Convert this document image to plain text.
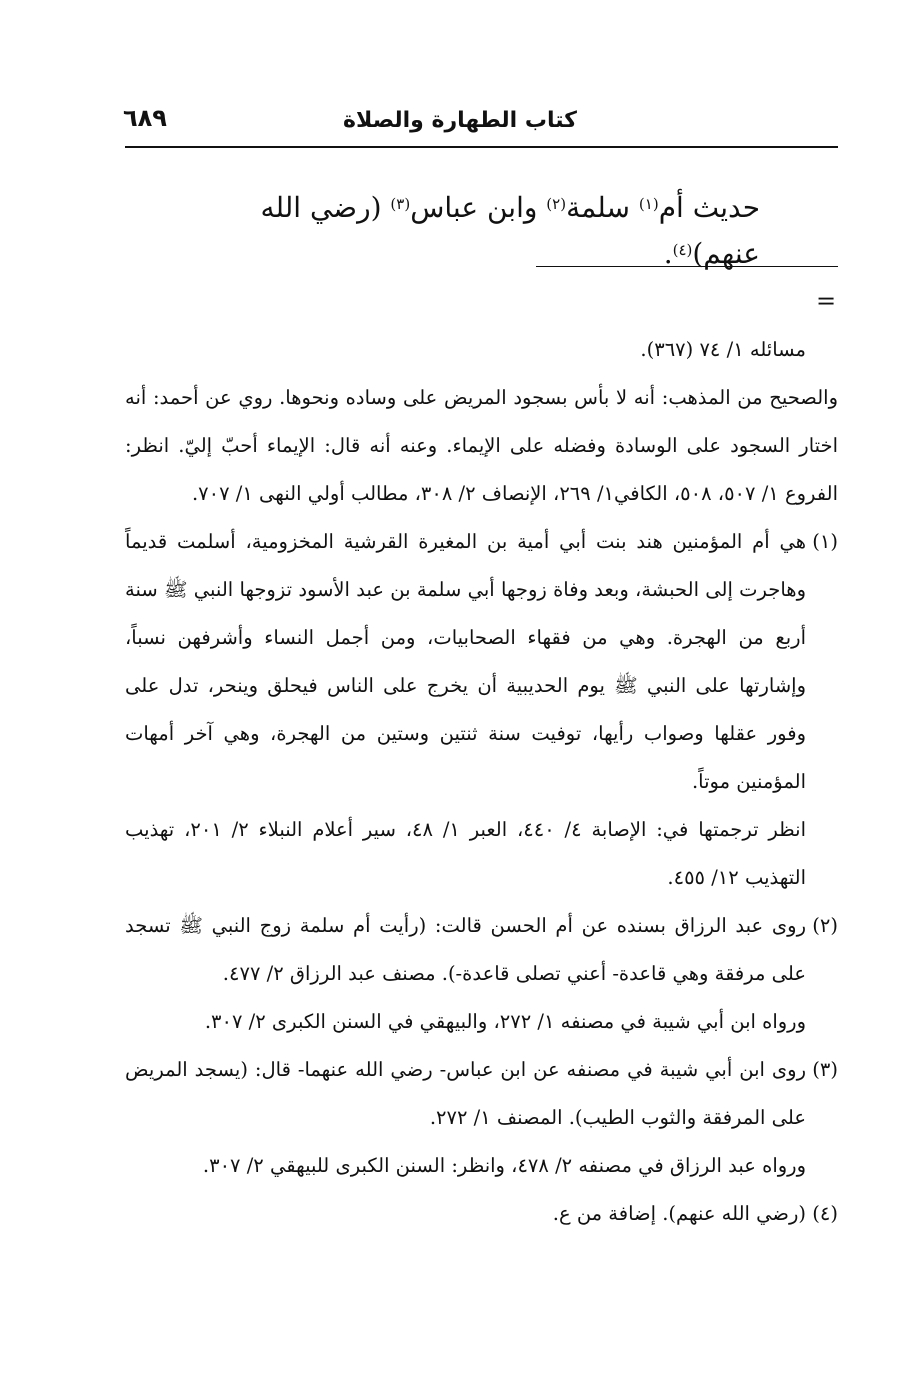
٦٨٩	كتاب الطهارة والصلاة
حديث أم$^{(١)}$ سلمة$^{(٢)}$ وابن عباس$^{(٣)}$ (رضي الله عنهم)$^{(٤)}$.
=

مسائله ١/ ٧٤ (٣٦٧).

والصحيح من المذهب: أنه لا بأس بسجود المريض على وساده ونحوها. روي عن أحمد: أنه اختار السجود على الوسادة وفضله على الإيماء. وعنه أنه قال: الإيماء أحبّ إليّ. انظر: الفروع ١/ ٥٠٧، ٥٠٨، الكافي١/ ٢٦٩، الإنصاف ٢/ ٣٠٨، مطالب أولي النهى ١/ ٧٠٧.

(١)
هي أم المؤمنين هند بنت أبي أمية بن المغيرة القرشية المخزومية، أسلمت قديماً وهاجرت إلى الحبشة، وبعد وفاة زوجها أبي سلمة بن عبد الأسود تزوجها النبي ﷺ سنة أربع من الهجرة. وهي من فقهاء الصحابيات، ومن أجمل النساء وأشرفهن نسباً، وإشارتها على النبي ﷺ يوم الحديبية أن يخرج على الناس فيحلق وينحر، تدل على وفور عقلها وصواب رأيها، توفيت سنة ثنتين وستين من الهجرة، وهي آخر أمهات المؤمنين موتاً.

انظر ترجمتها في: الإصابة ٤/ ٤٤٠، العبر ١/ ٤٨، سير أعلام النبلاء ٢/ ٢٠١، تهذيب التهذيب ١٢/ ٤٥٥.

(٢)
روى عبد الرزاق بسنده عن أم الحسن قالت: (رأيت أم سلمة زوج النبي ﷺ تسجد على مرفقة وهي قاعدة- أعني تصلى قاعدة-). مصنف عبد الرزاق ٢/ ٤٧٧.

ورواه ابن أبي شيبة في مصنفه ١/ ٢٧٢، والبيهقي في السنن الكبرى ٢/ ٣٠٧.

(٣)
روى ابن أبي شيبة في مصنفه عن ابن عباس- رضي الله عنهما- قال: (يسجد المريض على المرفقة والثوب الطيب). المصنف ١/ ٢٧٢.

ورواه عبد الرزاق في مصنفه ٢/ ٤٧٨، وانظر: السنن الكبرى للبيهقي ٢/ ٣٠٧.

(٤)
(رضي الله عنهم). إضافة من ع.
